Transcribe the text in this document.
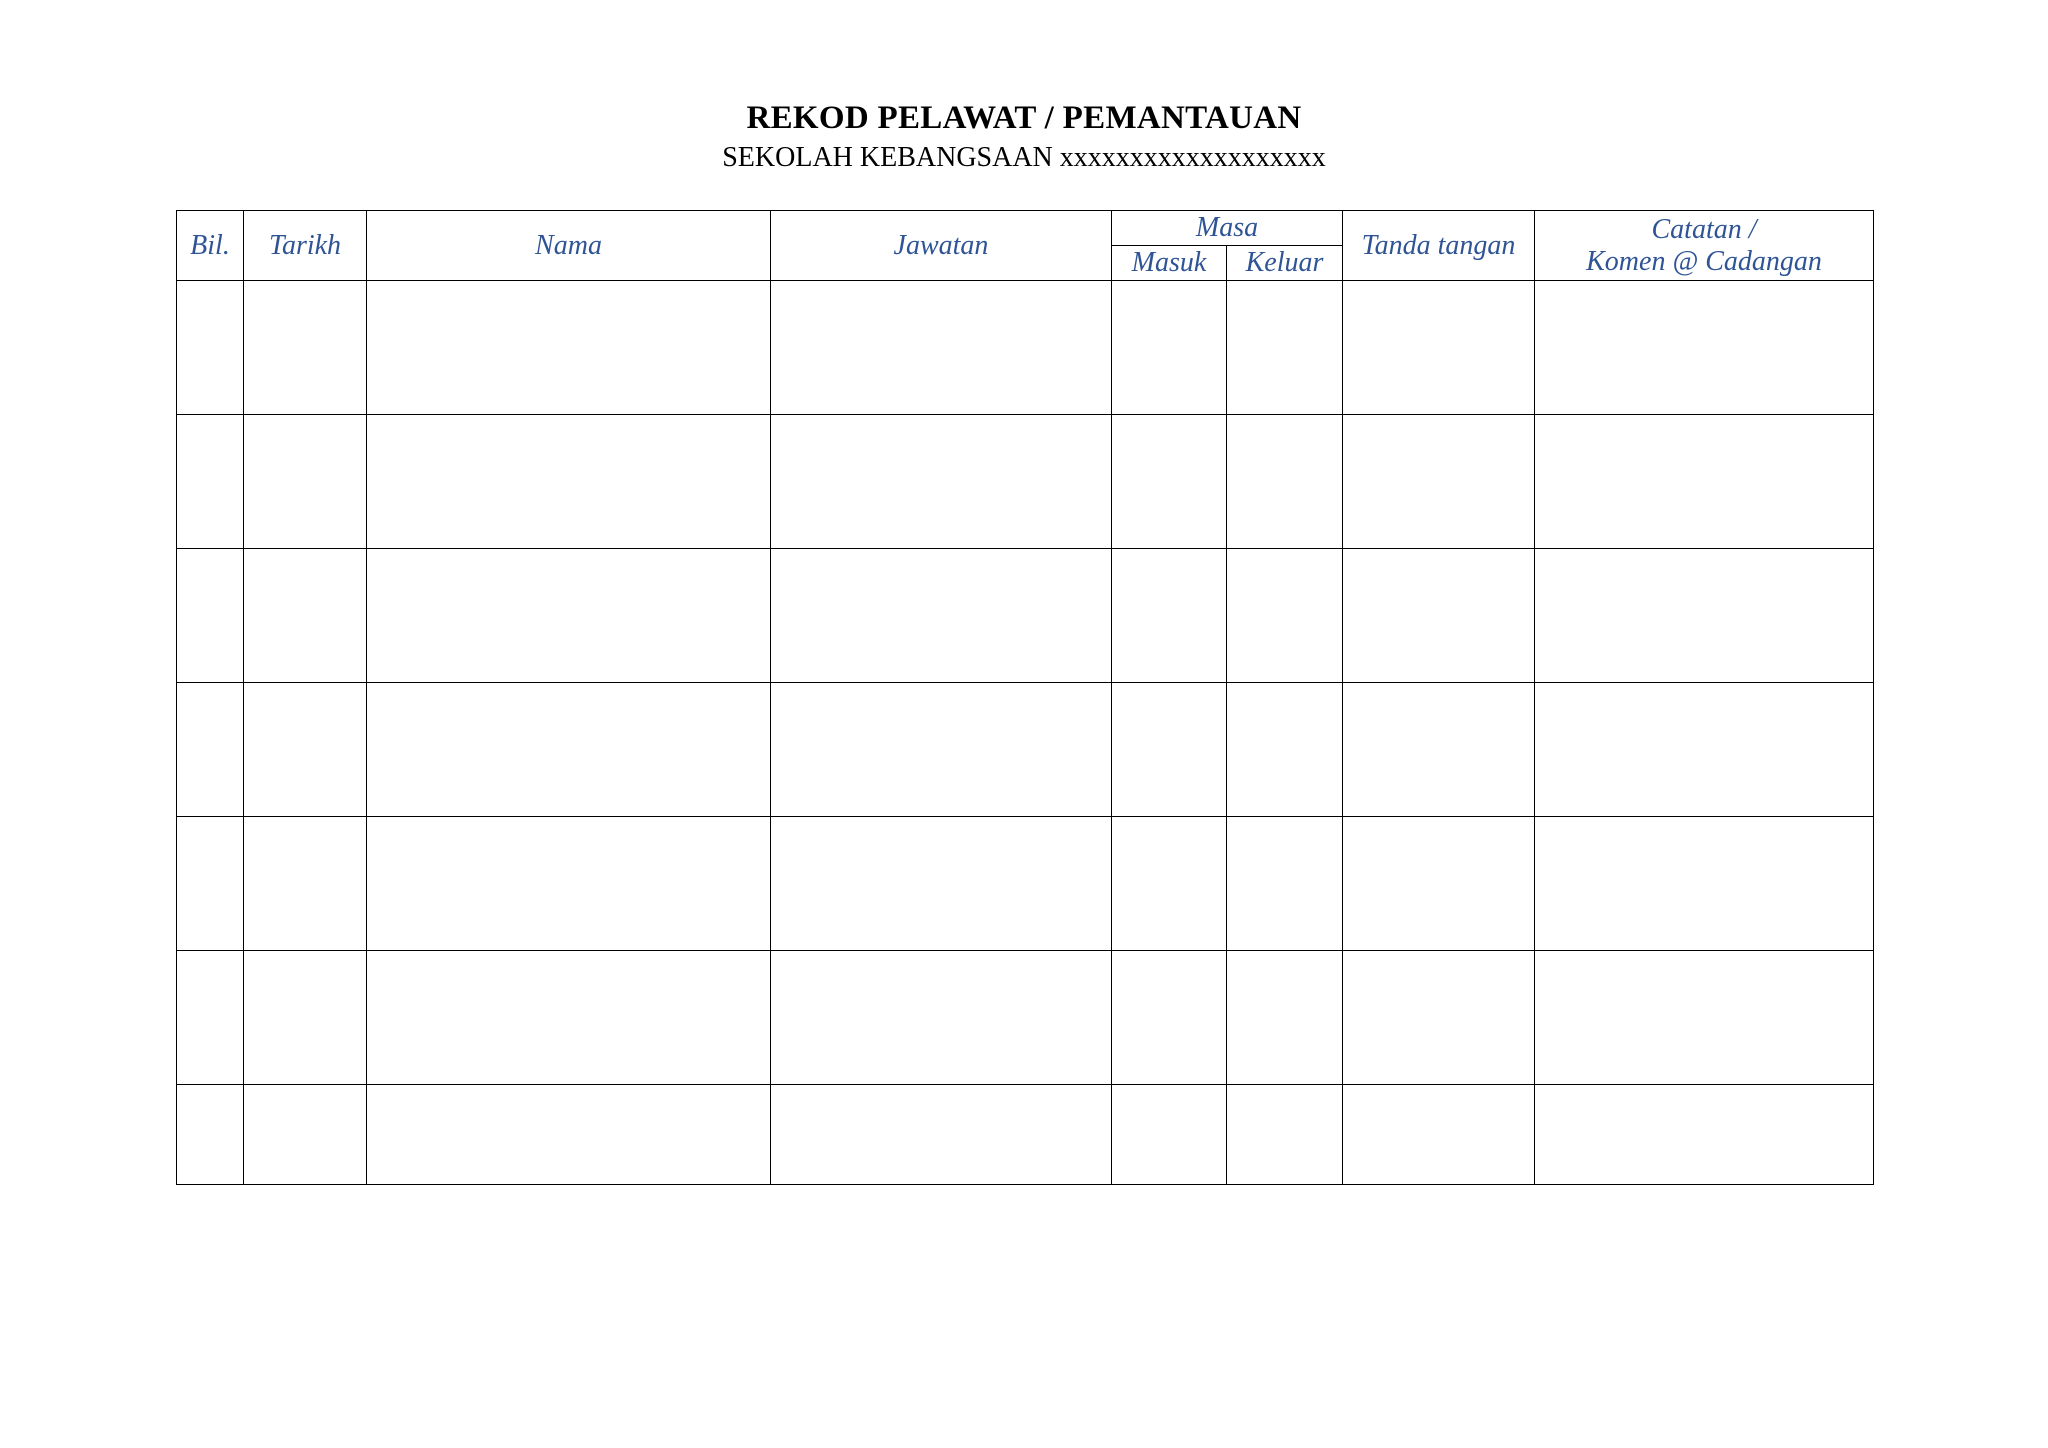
REKOD PELAWAT / PEMANTAUAN
SEKOLAH KEBANGSAAN xxxxxxxxxxxxxxxxxxx
Bil.	Tarikh	Nama	Jawatan	Masa		Tanda tangan	Catatan /
Komen @ Cadangan

				Masuk	Keluar		
